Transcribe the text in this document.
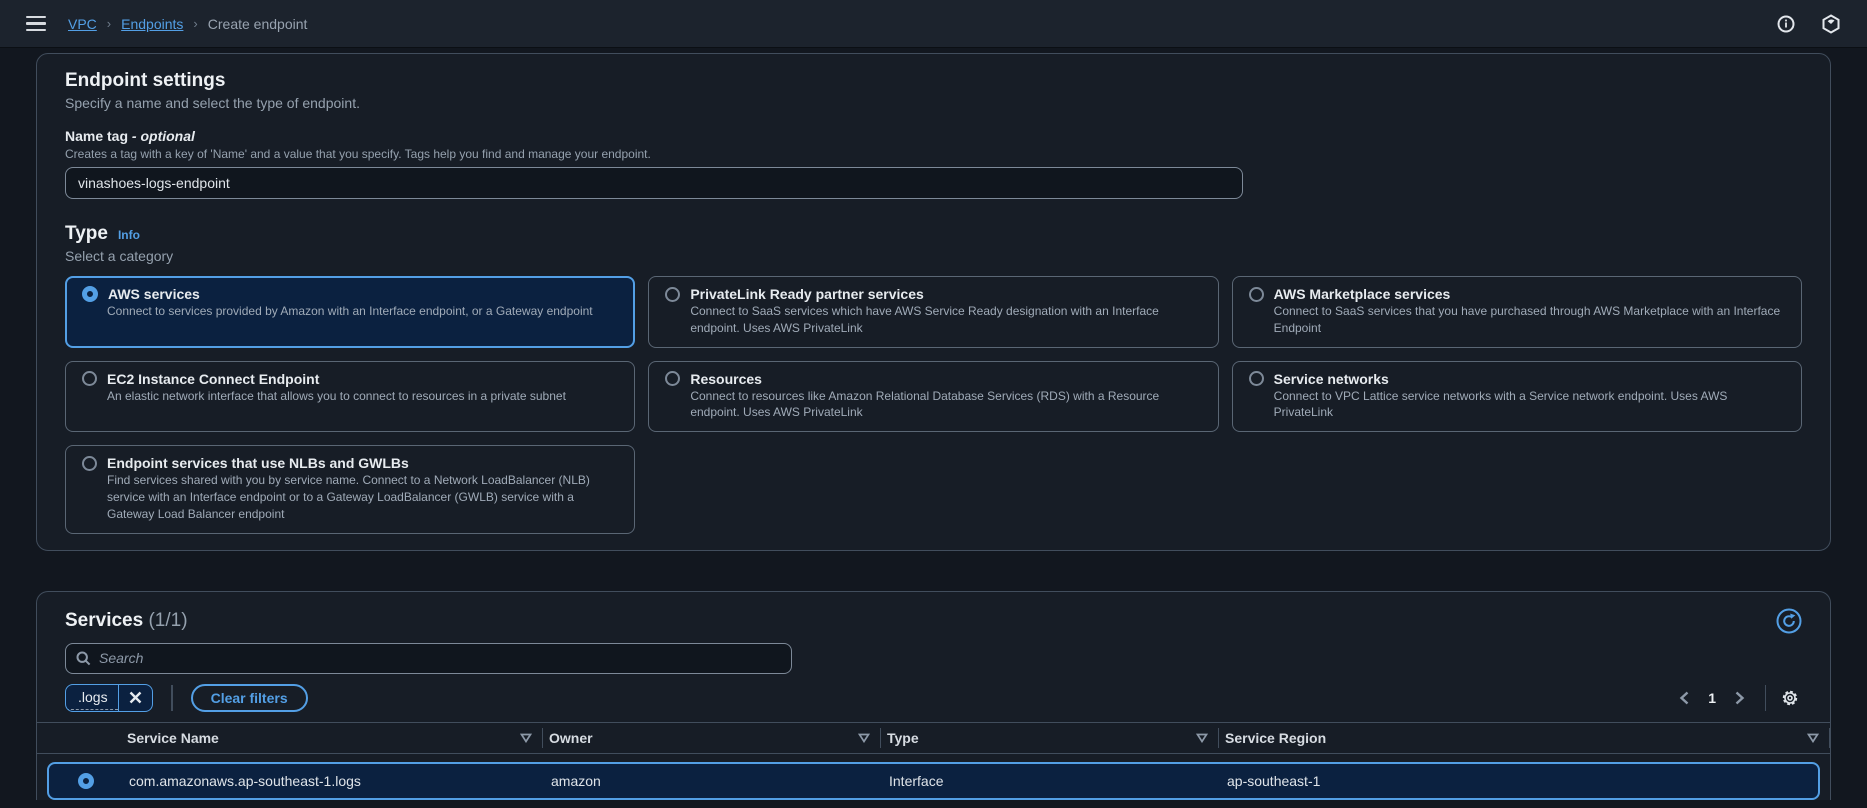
VPC › Endpoints › Create endpoint
Endpoint settings
Specify a name and select the type of endpoint.
Name tag - optional
Creates a tag with a key of 'Name' and a value that you specify. Tags help you find and manage your endpoint.
vinashoes-logs-endpoint
Type Info
Select a category
AWS services
Connect to services provided by Amazon with an Interface endpoint, or a Gateway endpoint
PrivateLink Ready partner services
Connect to SaaS services which have AWS Service Ready designation with an Interface endpoint. Uses AWS PrivateLink
AWS Marketplace services
Connect to SaaS services that you have purchased through AWS Marketplace with an Interface Endpoint
EC2 Instance Connect Endpoint
An elastic network interface that allows you to connect to resources in a private subnet
Resources
Connect to resources like Amazon Relational Database Services (RDS) with a Resource endpoint. Uses AWS PrivateLink
Service networks
Connect to VPC Lattice service networks with a Service network endpoint. Uses AWS PrivateLink
Endpoint services that use NLBs and GWLBs
Find services shared with you by service name. Connect to a Network LoadBalancer (NLB) service with an Interface endpoint or to a Gateway LoadBalancer (GWLB) service with a Gateway Load Balancer endpoint
Services (1/1)
Search
.logs	Clear filters	1
Service Name	Owner	Type	Service Region
com.amazonaws.ap-southeast-1.logs	amazon	Interface	ap-southeast-1
